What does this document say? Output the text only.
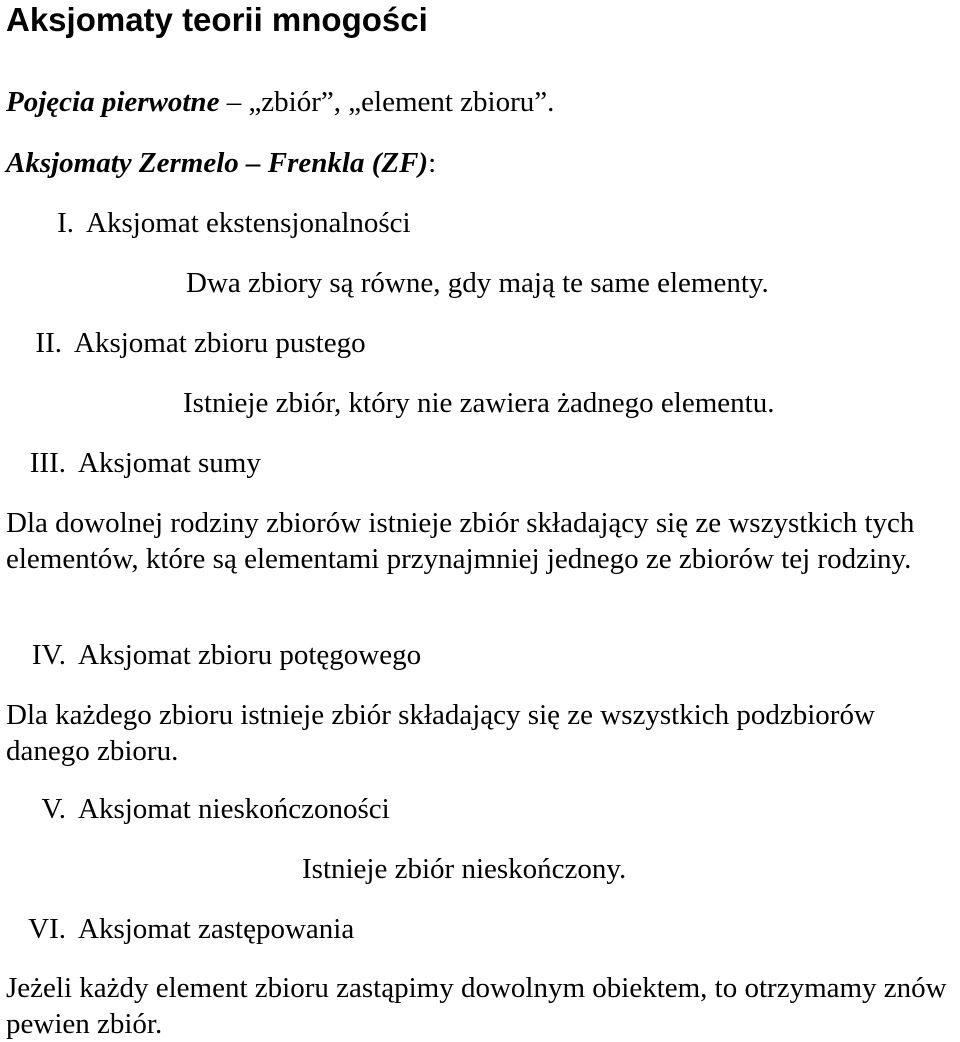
Aksjomaty teorii mnogości
Pojęcia pierwotne – „zbiór”, „element zbioru”.
Aksjomaty Zermelo – Frenkla (ZF):
I. Aksjomat ekstensjonalności
Dwa zbiory są równe, gdy mają te same elementy.
II. Aksjomat zbioru pustego
Istnieje zbiór, który nie zawiera żadnego elementu.
III. Aksjomat sumy
Dla dowolnej rodziny zbiorów istnieje zbiór składający się ze wszystkich tych elementów, które są elementami przynajmniej jednego ze zbiorów tej rodziny.
IV. Aksjomat zbioru potęgowego
Dla każdego zbioru istnieje zbiór składający się ze wszystkich podzbiorów danego zbioru.
V. Aksjomat nieskończoności
Istnieje zbiór nieskończony.
VI. Aksjomat zastępowania
Jeżeli każdy element zbioru zastąpimy dowolnym obiektem, to otrzymamy znów pewien zbiór.
